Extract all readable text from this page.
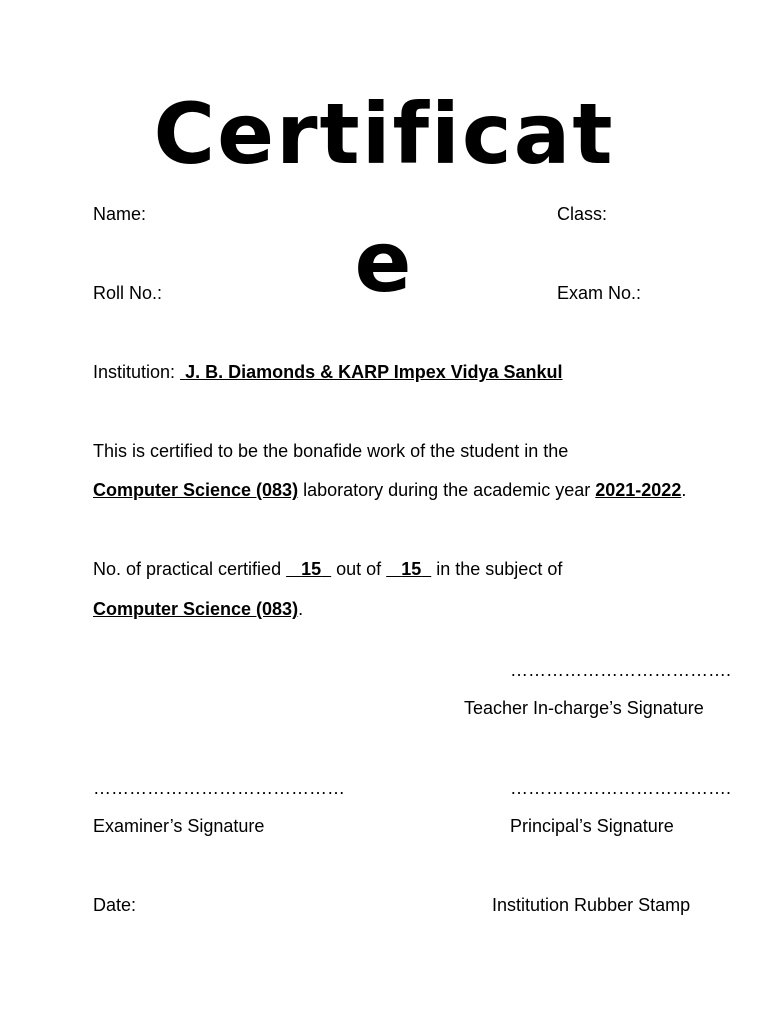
Certificate
Name:	Class:
Roll No.:	Exam No.:
Institution: J. B. Diamonds & KARP Impex Vidya Sankul
This is certified to be the bonafide work of the student in the
Computer Science (083) laboratory during the academic year 2021-2022.
No. of practical certified    15   out of    15   in the subject of
Computer Science (083).
……………………………….
Teacher In-charge’s Signature
……………………………………
Examiner’s Signature
……………………………….
Principal’s Signature
Date:	Institution Rubber Stamp
